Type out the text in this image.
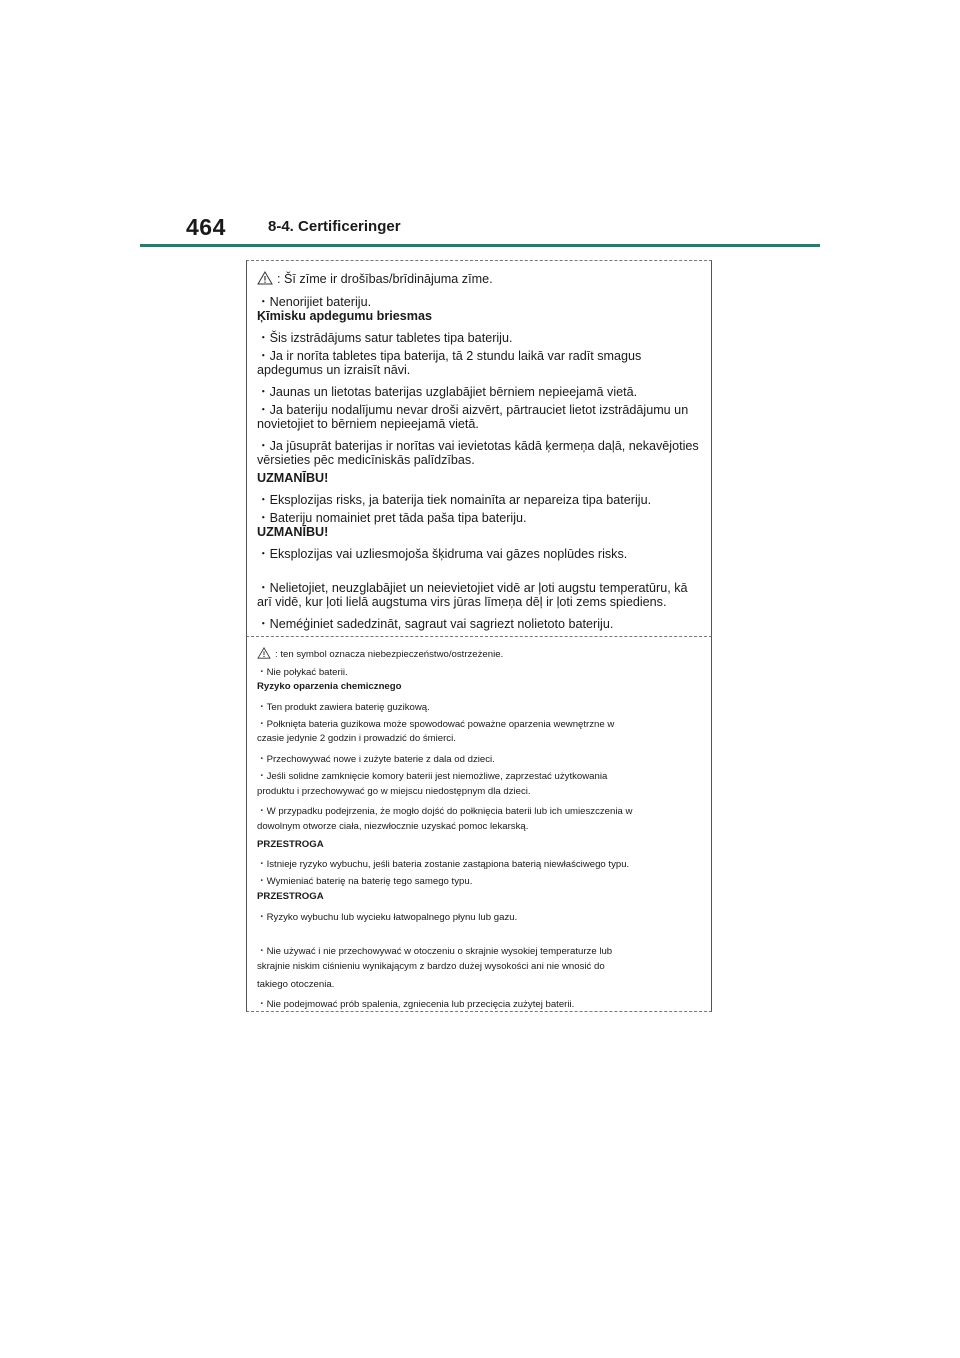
464	8-4. Certificeringer
: Šī zīme ir drošības/brīdinājuma zīme.
・Nenorijiet bateriju.
Ķīmisku apdegumu briesmas
・Šis izstrādājums satur tabletes tipa bateriju.
・Ja ir norīta tabletes tipa baterija, tā 2 stundu laikā var radīt smagus
apdegumus un izraisīt nāvi.
・Jaunas un lietotas baterijas uzglabājiet bērniem nepieejamā vietā.
・Ja bateriju nodalījumu nevar droši aizvērt, pārtrauciet lietot izstrādājumu un
novietojiet to bērniem nepieejamā vietā.
・Ja jūsuprāt baterijas ir norītas vai ievietotas kādā ķermeņa daļā, nekavējoties
vērsieties pēc medicīniskās palīdzības.
UZMANĪBU!
・Eksplozijas risks, ja baterija tiek nomainīta ar nepareiza tipa bateriju.
・Bateriju nomainiet pret tāda paša tipa bateriju.
UZMANĪBU!
・Eksplozijas vai uzliesmojoša šķidruma vai gāzes noplūdes risks.
・Nelietojiet, neuzglabājiet un neievietojiet vidē ar ļoti augstu temperatūru, kā
arī vidē, kur ļoti lielā augstuma virs jūras līmeņa dēļ ir ļoti zems spiediens.
・Neméģiniet sadedzināt, sagraut vai sagriezt nolietoto bateriju.
: ten symbol oznacza niebezpieczeństwo/ostrzeżenie.
・Nie połykać baterii.
Ryzyko oparzenia chemicznego
・Ten produkt zawiera baterię guzikową.
・Połknięta bateria guzikowa może spowodować poważne oparzenia wewnętrzne w
czasie jedynie 2 godzin i prowadzić do śmierci.
・Przechowywać nowe i zużyte baterie z dala od dzieci.
・Jeśli solidne zamknięcie komory baterii jest niemożliwe, zaprzestać użytkowania
produktu i przechowywać go w miejscu niedostępnym dla dzieci.
・W przypadku podejrzenia, że mogło dojść do połknięcia baterii lub ich umieszczenia w
dowolnym otworze ciała, niezwłocznie uzyskać pomoc lekarską.
PRZESTROGA
・Istnieje ryzyko wybuchu, jeśli bateria zostanie zastąpiona baterią niewłaściwego typu.
・Wymieniać baterię na baterię tego samego typu.
PRZESTROGA
・Ryzyko wybuchu lub wycieku łatwopalnego płynu lub gazu.
・Nie używać i nie przechowywać w otoczeniu o skrajnie wysokiej temperaturze lub
skrajnie niskim ciśnieniu wynikającym z bardzo dużej wysokości ani nie wnosić do
takiego otoczenia.
・Nie podejmować prób spalenia, zgniecenia lub przecięcia zużytej baterii.
